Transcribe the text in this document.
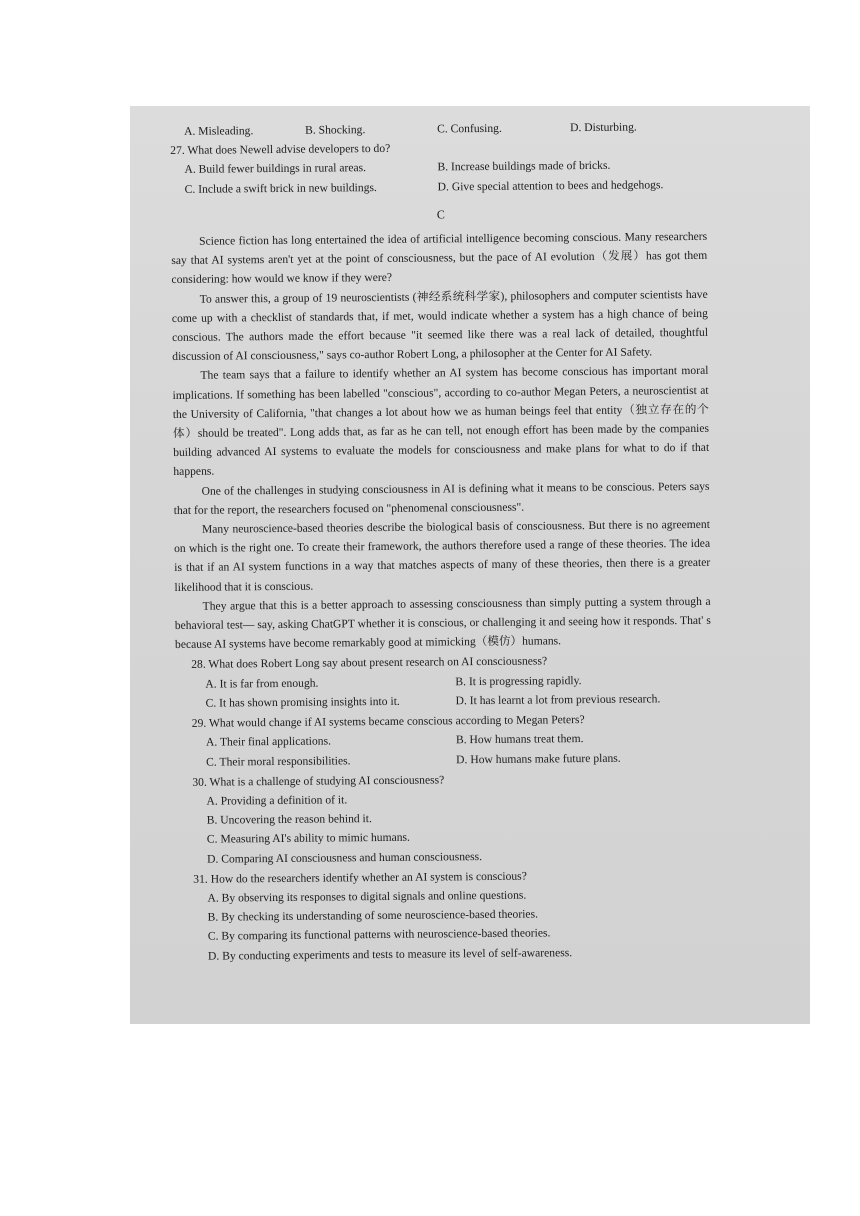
A. Misleading.	B. Shocking.	C. Confusing.	D. Disturbing.
27. What does Newell advise developers to do?
A. Build fewer buildings in rural areas.	B. Increase buildings made of bricks.
C. Include a swift brick in new buildings.	D. Give special attention to bees and hedgehogs.
C

Science fiction has long entertained the idea of artificial intelligence becoming conscious. Many researchers say that AI systems aren't yet at the point of consciousness, but the pace of AI evolution（发展）has got them considering: how would we know if they were?

To answer this, a group of 19 neuroscientists (神经系统科学家), philosophers and computer scientists have come up with a checklist of standards that, if met, would indicate whether a system has a high chance of being conscious. The authors made the effort because "it seemed like there was a real lack of detailed, thoughtful discussion of AI consciousness," says co-author Robert Long, a philosopher at the Center for AI Safety.

The team says that a failure to identify whether an AI system has become conscious has important moral implications. If something has been labelled "conscious", according to co-author Megan Peters, a neuroscientist at the University of California, "that changes a lot about how we as human beings feel that entity（独立存在的个体）should be treated". Long adds that, as far as he can tell, not enough effort has been made by the companies building advanced AI systems to evaluate the models for consciousness and make plans for what to do if that happens.

One of the challenges in studying consciousness in AI is defining what it means to be conscious. Peters says that for the report, the researchers focused on "phenomenal consciousness".

Many neuroscience-based theories describe the biological basis of consciousness. But there is no agreement on which is the right one. To create their framework, the authors therefore used a range of these theories. The idea is that if an AI system functions in a way that matches aspects of many of these theories, then there is a greater likelihood that it is conscious.

They argue that this is a better approach to assessing consciousness than simply putting a system through a behavioral test— say, asking ChatGPT whether it is conscious, or challenging it and seeing how it responds. That' s because AI systems have become remarkably good at mimicking（模仿）humans.

28. What does Robert Long say about present research on AI consciousness?
A. It is far from enough.	B. It is progressing rapidly.
C. It has shown promising insights into it.	D. It has learnt a lot from previous research.
29. What would change if AI systems became conscious according to Megan Peters?
A. Their final applications.	B. How humans treat them.
C. Their moral responsibilities.	D. How humans make future plans.
30. What is a challenge of studying AI consciousness?
A. Providing a definition of it.
B. Uncovering the reason behind it.
C. Measuring AI's ability to mimic humans.
D. Comparing AI consciousness and human consciousness.
31. How do the researchers identify whether an AI system is conscious?
A. By observing its responses to digital signals and online questions.
B. By checking its understanding of some neuroscience-based theories.
C. By comparing its functional patterns with neuroscience-based theories.
D. By conducting experiments and tests to measure its level of self-awareness.
